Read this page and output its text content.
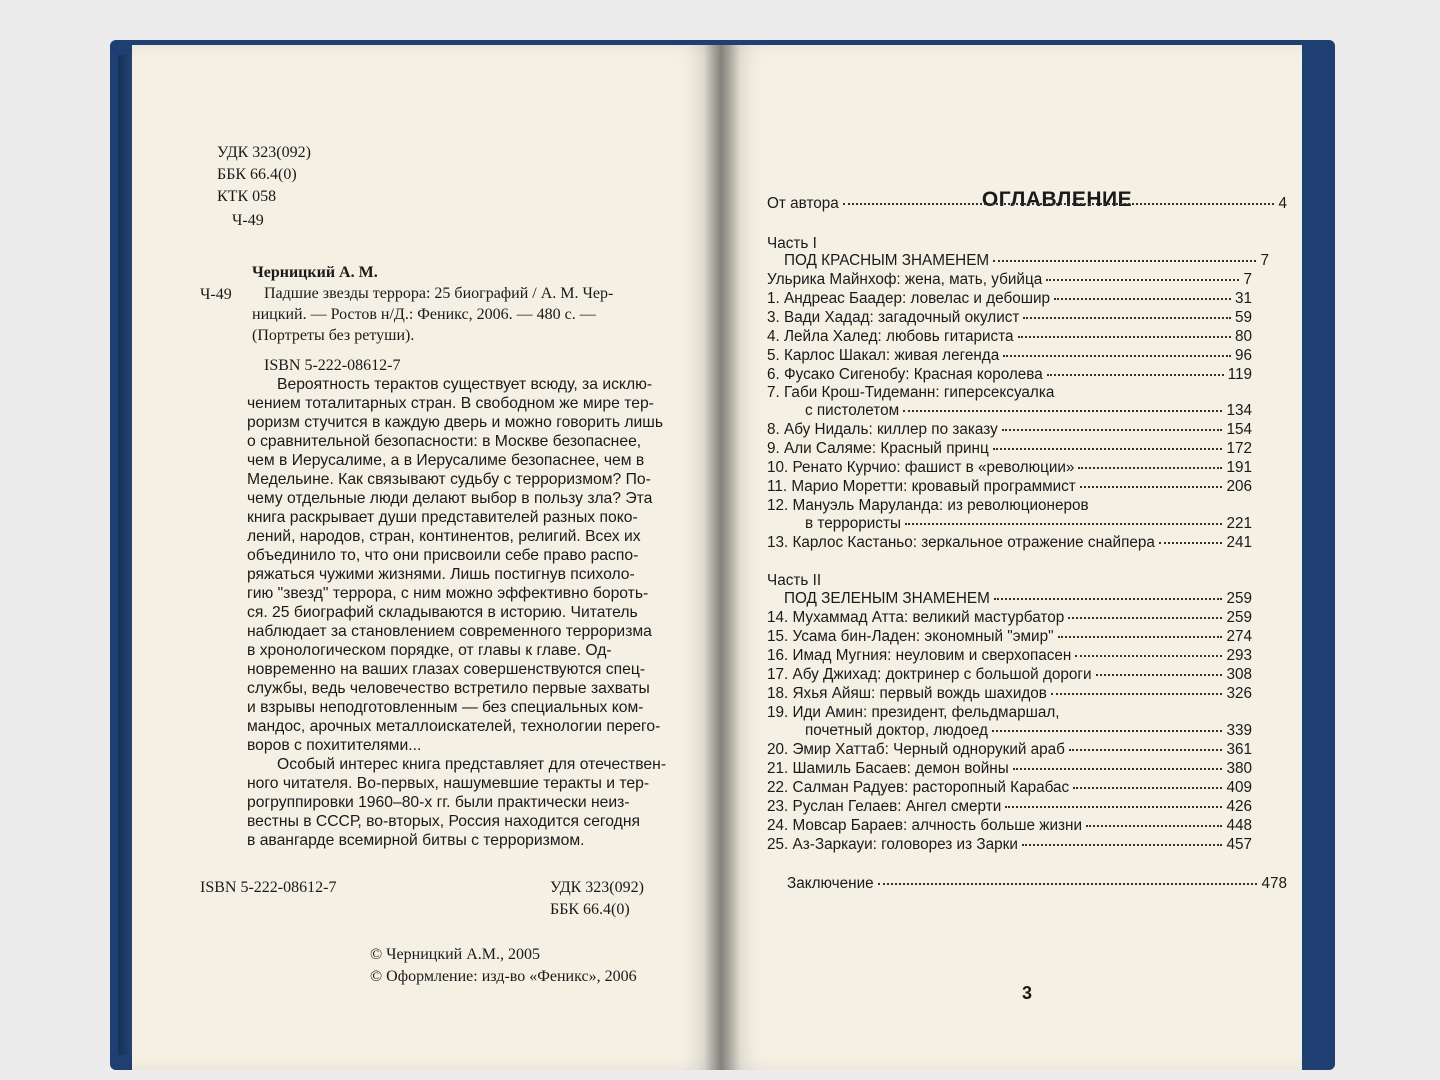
УДК 323(092)
ББК 66.4(0)
КТК 058
Ч-49
Ч-49
Черницкий А. М.
Падшие звезды террора: 25 биографий / А. М. Чер-
ницкий. — Ростов н/Д.: Феникс, 2006. — 480 с. —
(Портреты без ретуши).
ISBN 5-222-08612-7

Вероятность терактов существует всюду, за исклю-

чением тоталитарных стран. В свободном же мире тер-

роризм стучится в каждую дверь и можно говорить лишь

о сравнительной безопасности: в Москве безопаснее,

чем в Иерусалиме, а в Иерусалиме безопаснее, чем в

Медельине. Как связывают судьбу с терроризмом? По-

чему отдельные люди делают выбор в пользу зла? Эта

книга раскрывает души представителей разных поко-

лений, народов, стран, континентов, религий. Всех их

объединило то, что они присвоили себе право распо-

ряжаться чужими жизнями. Лишь постигнув психоло-

гию "звезд" террора, с ним можно эффективно бороть-

ся. 25 биографий складываются в историю. Читатель

наблюдает за становлением современного терроризма

в хронологическом порядке, от главы к главе. Од-

новременно на ваших глазах совершенствуются спец-

службы, ведь человечество встретило первые захваты

и взрывы неподготовленным — без специальных ком-

мандос, арочных металлоискателей, технологии перего-

воров с похитителями...

Особый интерес книга представляет для отечествен-

ного читателя. Во-первых, нашумевшие теракты и тер-

рогруппировки 1960–80-х гг. были практически неиз-

вестны в СССР, во-вторых, Россия находится сегодня

в авангарде всемирной битвы с терроризмом.

ISBN 5-222-08612-7	УДК 323(092)
ББК 66.4(0)
© Черницкий А.М., 2005
© Оформление: изд-во «Феникс», 2006
ОГЛАВЛЕНИЕ
От автора	4
Часть I
ПОД КРАСНЫМ ЗНАМЕНЕМ	7
Ульрика Майнхоф: жена, мать, убийца	7
1. Андреас Баадер: ловелас и дебошир	31
3. Вади Хадад: загадочный окулист	59
4. Лейла Халед: любовь гитариста	80
5. Карлос Шакал: живая легенда	96
6. Фусако Сигенобу: Красная королева	119
7. Габи Крош-Тидеманн: гиперсексуалка
с пистолетом	134
8. Абу Нидаль: киллер по заказу	154
9. Али Саляме: Красный принц	172
10. Ренато Курчио: фашист в «революции»	191
11. Марио Моретти: кровавый программист	206
12. Мануэль Маруланда: из революционеров
в террористы	221
13. Карлос Кастаньо: зеркальное отражение снайпера	241
Часть II
ПОД ЗЕЛЕНЫМ ЗНАМЕНЕМ	259
14. Мухаммад Атта: великий мастурбатор	259
15. Усама бин-Ладен: экономный "эмир"	274
16. Имад Мугния: неуловим и сверхопасен	293
17. Абу Джихад: доктринер с большой дороги	308
18. Яхья Айяш: первый вождь шахидов	326
19. Иди Амин: президент, фельдмаршал,
почетный доктор, людоед	339
20. Эмир Хаттаб: Черный однорукий араб	361
21. Шамиль Басаев: демон войны	380
22. Салман Радуев: расторопный Карабас	409
23. Руслан Гелаев: Ангел смерти	426
24. Мовсар Бараев: алчность больше жизни	448
25. Аз-Заркауи: головорез из Зарки	457
Заключение	478
3
